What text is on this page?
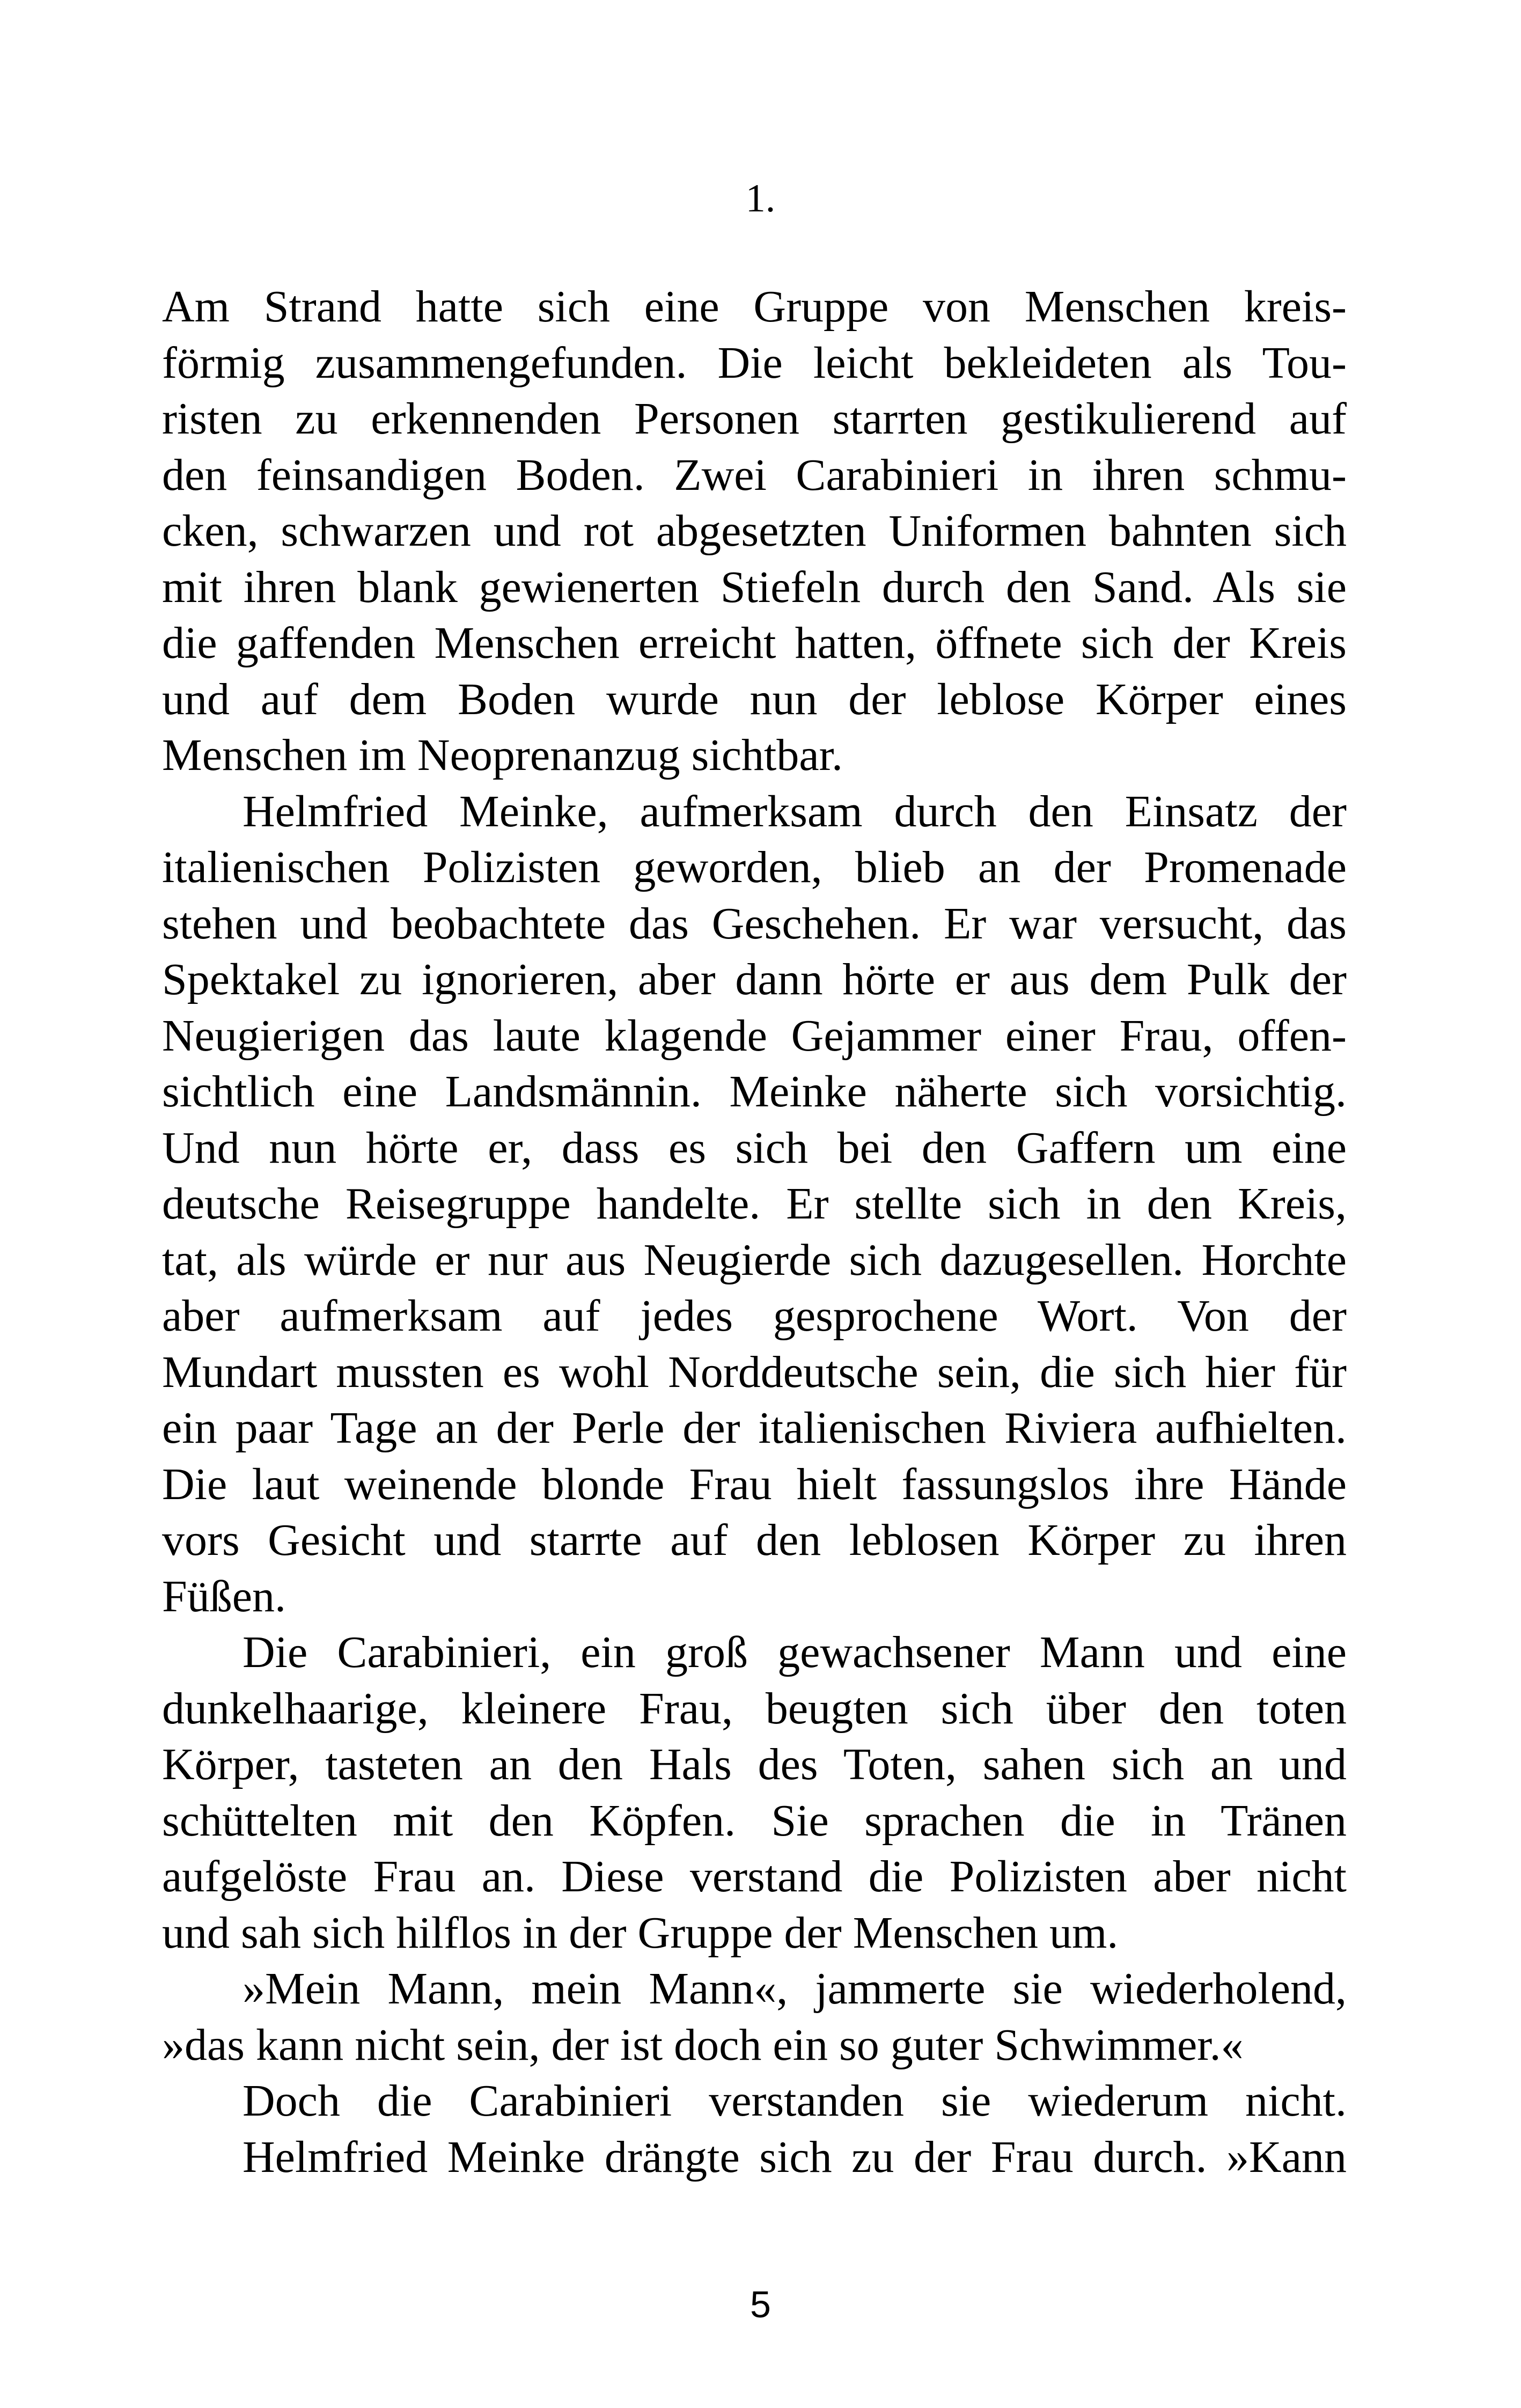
1.
Am Strand hatte sich eine Gruppe von Menschen kreis-
förmig zusammengefunden. Die leicht bekleideten als Tou-
risten zu erkennenden Personen starrten gestikulierend auf
den feinsandigen Boden. Zwei Carabinieri in ihren schmu-
cken, schwarzen und rot abgesetzten Uniformen bahnten sich
mit ihren blank gewienerten Stiefeln durch den Sand. Als sie
die gaffenden Menschen erreicht hatten, öffnete sich der Kreis
und auf dem Boden wurde nun der leblose Körper eines
Menschen im Neoprenanzug sichtbar.
Helmfried Meinke, aufmerksam durch den Einsatz der
italienischen Polizisten geworden, blieb an der Promenade
stehen und beobachtete das Geschehen. Er war versucht, das
Spektakel zu ignorieren, aber dann hörte er aus dem Pulk der
Neugierigen das laute klagende Gejammer einer Frau, offen-
sichtlich eine Landsmännin. Meinke näherte sich vorsichtig.
Und nun hörte er, dass es sich bei den Gaffern um eine
deutsche Reisegruppe handelte. Er stellte sich in den Kreis,
tat, als würde er nur aus Neugierde sich dazugesellen. Horchte
aber aufmerksam auf jedes gesprochene Wort. Von der
Mundart mussten es wohl Norddeutsche sein, die sich hier für
ein paar Tage an der Perle der italienischen Riviera aufhielten.
Die laut weinende blonde Frau hielt fassungslos ihre Hände
vors Gesicht und starrte auf den leblosen Körper zu ihren
Füßen.
Die Carabinieri, ein groß gewachsener Mann und eine
dunkelhaarige, kleinere Frau, beugten sich über den toten
Körper, tasteten an den Hals des Toten, sahen sich an und
schüttelten mit den Köpfen. Sie sprachen die in Tränen
aufgelöste Frau an. Diese verstand die Polizisten aber nicht
und sah sich hilflos in der Gruppe der Menschen um.
»Mein Mann, mein Mann«, jammerte sie wiederholend,
»das kann nicht sein, der ist doch ein so guter Schwimmer.«
Doch die Carabinieri verstanden sie wiederum nicht.
Helmfried Meinke drängte sich zu der Frau durch. »Kann
5
